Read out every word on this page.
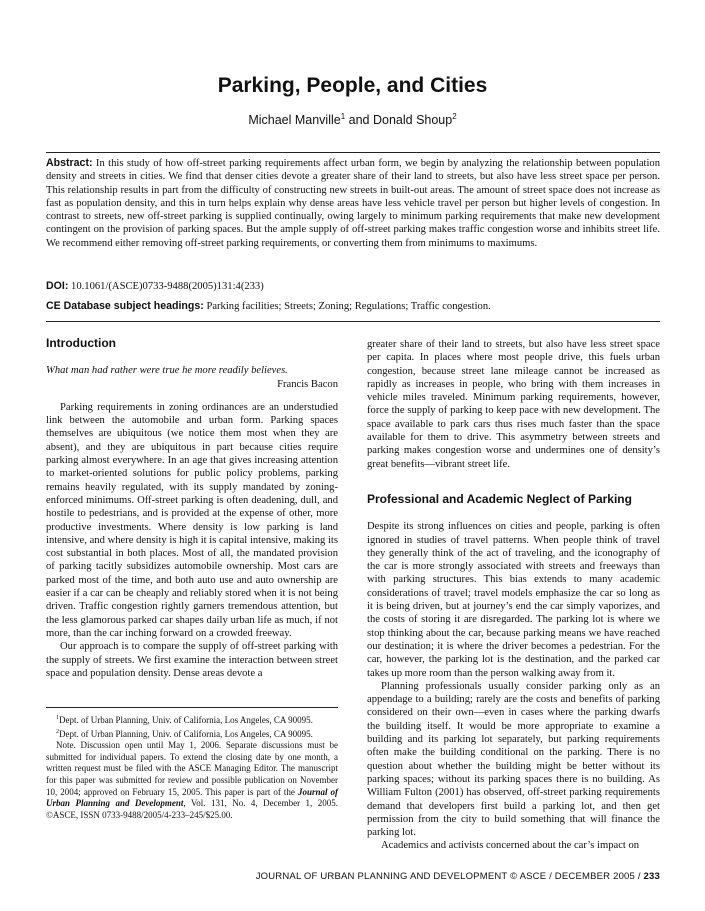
Parking, People, and Cities
Michael Manville$^1$ and Donald Shoup$^2$
Abstract: In this study of how off-street parking requirements affect urban form, we begin by analyzing the relationship between population density and streets in cities. We find that denser cities devote a greater share of their land to streets, but also have less street space per person. This relationship results in part from the difficulty of constructing new streets in built-out areas. The amount of street space does not increase as fast as population density, and this in turn helps explain why dense areas have less vehicle travel per person but higher levels of congestion. In contrast to streets, new off-street parking is supplied continually, owing largely to minimum parking requirements that make new development contingent on the provision of parking spaces. But the ample supply of off-street parking makes traffic congestion worse and inhibits street life. We recommend either removing off-street parking requirements, or converting them from minimums to maximums.
DOI: 10.1061/(ASCE)0733-9488(2005)131:4(233)
CE Database subject headings: Parking facilities; Streets; Zoning; Regulations; Traffic congestion.
Introduction
What man had rather were true he more readily believes.
Francis Bacon

Parking requirements in zoning ordinances are an understudied link between the automobile and urban form. Parking spaces themselves are ubiquitous (we notice them most when they are absent), and they are ubiquitous in part because cities require parking almost everywhere. In an age that gives increasing attention to market-oriented solutions for public policy problems, parking remains heavily regulated, with its supply mandated by zoning-enforced minimums. Off-street parking is often deadening, dull, and hostile to pedestrians, and is provided at the expense of other, more productive investments. Where density is low parking is land intensive, and where density is high it is capital intensive, making its cost substantial in both places. Most of all, the mandated provision of parking tacitly subsidizes automobile ownership. Most cars are parked most of the time, and both auto use and auto ownership are easier if a car can be cheaply and reliably stored when it is not being driven. Traffic congestion rightly garners tremendous attention, but the less glamorous parked car shapes daily urban life as much, if not more, than the car inching forward on a crowded freeway.

Our approach is to compare the supply of off-street parking with the supply of streets. We first examine the interaction between street space and population density. Dense areas devote a

$^1$Dept. of Urban Planning, Univ. of California, Los Angeles, CA 90095.

$^2$Dept. of Urban Planning, Univ. of California, Los Angeles, CA 90095.

Note. Discussion open until May 1, 2006. Separate discussions must be submitted for individual papers. To extend the closing date by one month, a written request must be filed with the ASCE Managing Editor. The manuscript for this paper was submitted for review and possible publication on November 10, 2004; approved on February 15, 2005. This paper is part of the Journal of Urban Planning and Development, Vol. 131, No. 4, December 1, 2005. ©ASCE, ISSN 0733-9488/2005/4-233–245/$25.00.

greater share of their land to streets, but also have less street space per capita. In places where most people drive, this fuels urban congestion, because street lane mileage cannot be increased as rapidly as increases in people, who bring with them increases in vehicle miles traveled. Minimum parking requirements, however, force the supply of parking to keep pace with new development. The space available to park cars thus rises much faster than the space available for them to drive. This asymmetry between streets and parking makes congestion worse and undermines one of density’s great benefits—vibrant street life.

Professional and Academic Neglect of Parking

Despite its strong influences on cities and people, parking is often ignored in studies of travel patterns. When people think of travel they generally think of the act of traveling, and the iconography of the car is more strongly associated with streets and freeways than with parking structures. This bias extends to many academic considerations of travel; travel models emphasize the car so long as it is being driven, but at journey’s end the car simply vaporizes, and the costs of storing it are disregarded. The parking lot is where we stop thinking about the car, because parking means we have reached our destination; it is where the driver becomes a pedestrian. For the car, however, the parking lot is the destination, and the parked car takes up more room than the person walking away from it.

Planning professionals usually consider parking only as an appendage to a building; rarely are the costs and benefits of parking considered on their own—even in cases where the parking dwarfs the building itself. It would be more appropriate to examine a building and its parking lot separately, but parking requirements often make the building conditional on the parking. There is no question about whether the building might be better without its parking spaces; without its parking spaces there is no building. As William Fulton (2001) has observed, off-street parking requirements demand that developers first build a parking lot, and then get permission from the city to build something that will finance the parking lot.

Academics and activists concerned about the car’s impact on

JOURNAL OF URBAN PLANNING AND DEVELOPMENT © ASCE / DECEMBER 2005 / 233
